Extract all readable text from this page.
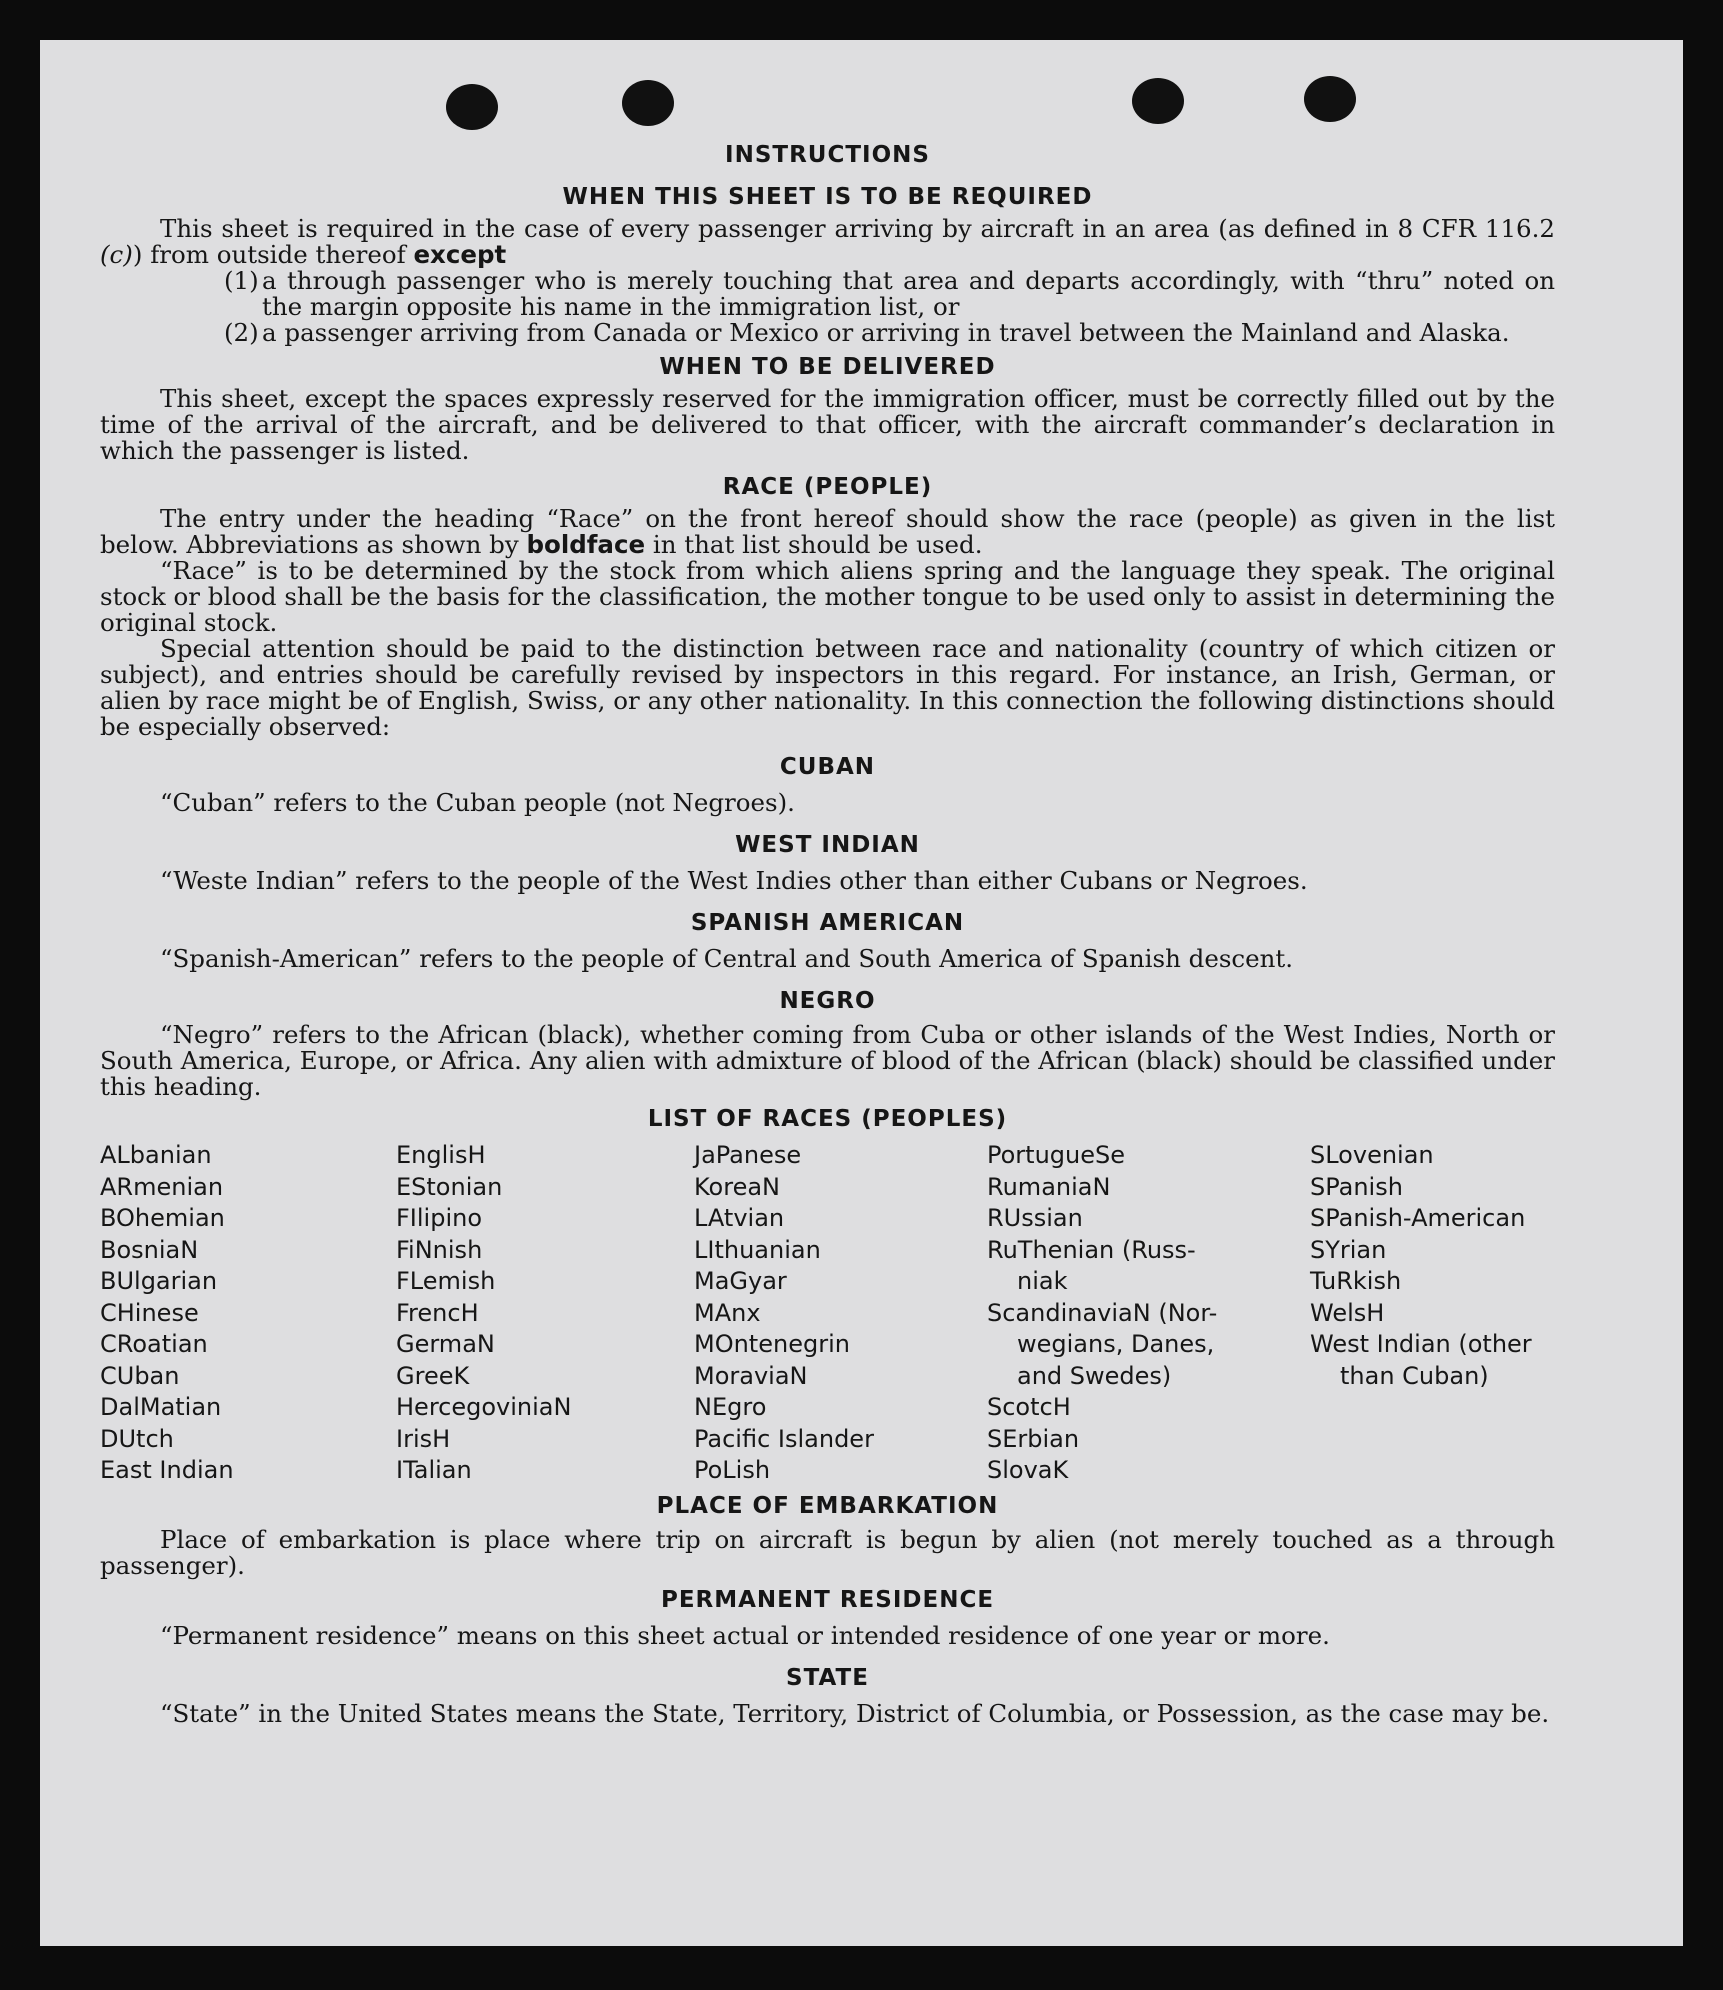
INSTRUCTIONS
WHEN THIS SHEET IS TO BE REQUIRED

This sheet is required in the case of every passenger arriving by aircraft in an area (as defined in 8 CFR 116.2 (c)) from outside thereof except

(1) a through passenger who is merely touching that area and departs accordingly, with “thru” noted on the margin opposite his name in the immigration list, or
(2) a passenger arriving from Canada or Mexico or arriving in travel between the Mainland and Alaska.
WHEN TO BE DELIVERED

This sheet, except the spaces expressly reserved for the immigration officer, must be correctly filled out by the time of the arrival of the aircraft, and be delivered to that officer, with the aircraft commander’s declaration in which the passenger is listed.

RACE (PEOPLE)

The entry under the heading “Race” on the front hereof should show the race (people) as given in the list below. Abbreviations as shown by boldface in that list should be used.

“Race” is to be determined by the stock from which aliens spring and the language they speak. The original stock or blood shall be the basis for the classification, the mother tongue to be used only to assist in determining the original stock.

Special attention should be paid to the distinction between race and nationality (country of which citizen or subject), and entries should be carefully revised by inspectors in this regard. For instance, an Irish, German, or alien by race might be of English, Swiss, or any other nationality. In this connection the following distinctions should be especially observed:

CUBAN

“Cuban” refers to the Cuban people (not Negroes).

WEST INDIAN

“Weste Indian” refers to the people of the West Indies other than either Cubans or Negroes.

SPANISH AMERICAN

“Spanish-American” refers to the people of Central and South America of Spanish descent.

NEGRO

“Negro” refers to the African (black), whether coming from Cuba or other islands of the West Indies, North or South America, Europe, or Africa. Any alien with admixture of blood of the African (black) should be classified under this heading.

LIST OF RACES (PEOPLES)
ALbanian
ARmenian
BOhemian
BosniaN
BUlgarian
CHinese
CRoatian
CUban
DalMatian
DUtch
East Indian
EnglisH
EStonian
FIlipino
FiNnish
FLemish
FrencH
GermaN
GreeK
HercegoviniaN
IrisH
ITalian
JaPanese
KoreaN
LAtvian
LIthuanian
MaGyar
MAnx
MOntenegrin
MoraviaN
NEgro
Pacific Islander
PoLish
PortugueSe
RumaniaN
RUssian
RuThenian (Russ-
niak
ScandinaviaN (Nor-
wegians, Danes,
and Swedes)
ScotcH
SErbian
SlovaK
SLovenian
SPanish
SPanish-American
SYrian
TuRkish
WelsH
West Indian (other
than Cuban)
PLACE OF EMBARKATION

Place of embarkation is place where trip on aircraft is begun by alien (not merely touched as a through passenger).

PERMANENT RESIDENCE

“Permanent residence” means on this sheet actual or intended residence of one year or more.

STATE

“State” in the United States means the State, Territory, District of Columbia, or Possession, as the case may be.
